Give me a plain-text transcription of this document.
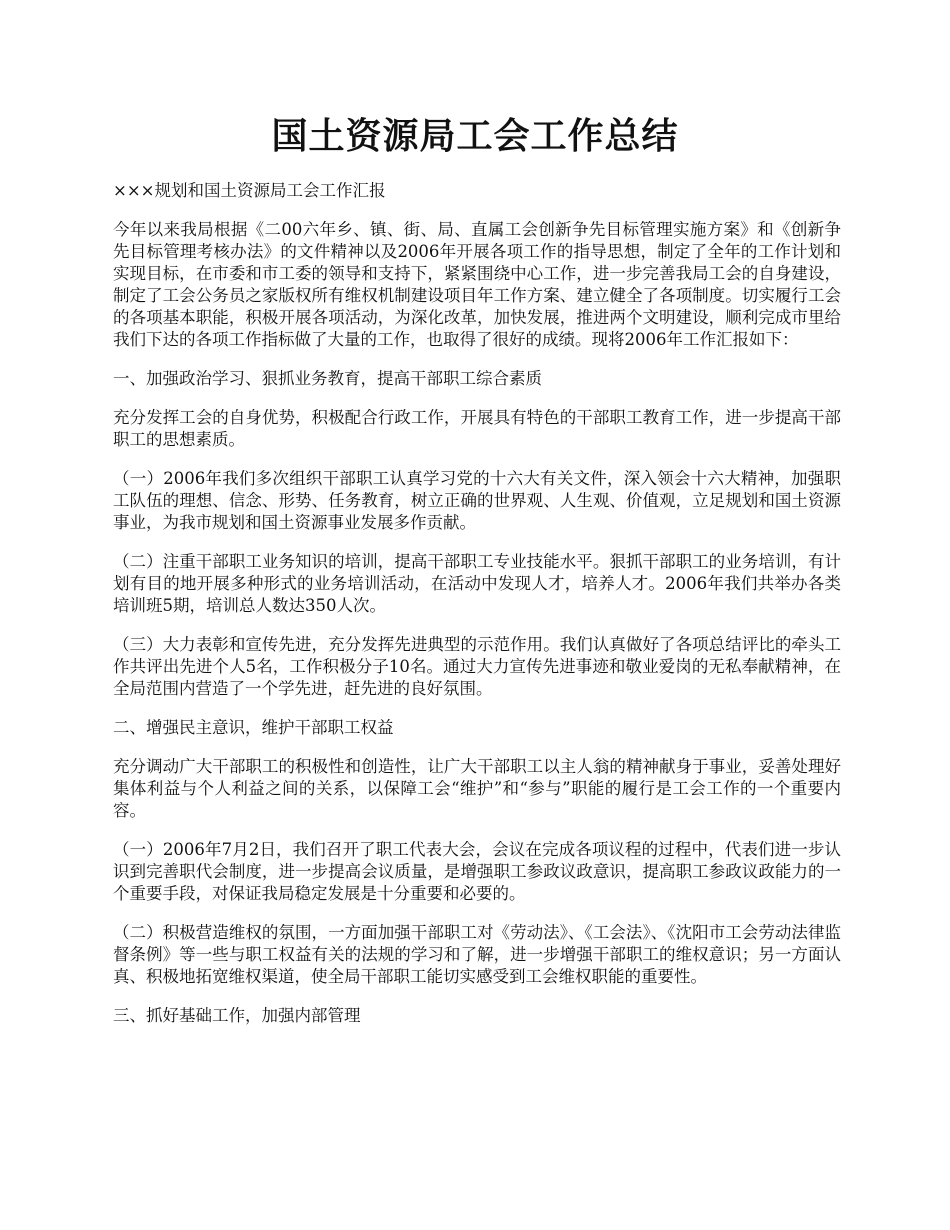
国土资源局工会工作总结

×××规划和国土资源局工会工作汇报

今年以来我局根据《二00六年乡、镇、街、局、直属工会创新争先目标管理实施方案》和《创新争先目标管理考核办法》的文件精神以及2006年开展各项工作的指导思想，制定了全年的工作计划和实现目标，在市委和市工委的领导和支持下，紧紧围绕中心工作，进一步完善我局工会的自身建设，制定了工会公务员之家版权所有维权机制建设项目年工作方案、建立健全了各项制度。切实履行工会的各项基本职能，积极开展各项活动，为深化改革，加快发展，推进两个文明建设，顺利完成市里给我们下达的各项工作指标做了大量的工作，也取得了很好的成绩。现将2006年工作汇报如下：

一、加强政治学习、狠抓业务教育，提高干部职工综合素质

充分发挥工会的自身优势，积极配合行政工作，开展具有特色的干部职工教育工作，进一步提高干部职工的思想素质。

（一）2006年我们多次组织干部职工认真学习党的十六大有关文件，深入领会十六大精神，加强职工队伍的理想、信念、形势、任务教育，树立正确的世界观、人生观、价值观，立足规划和国土资源事业，为我市规划和国土资源事业发展多作贡献。

（二）注重干部职工业务知识的培训，提高干部职工专业技能水平。狠抓干部职工的业务培训，有计划有目的地开展多种形式的业务培训活动，在活动中发现人才，培养人才。2006年我们共举办各类培训班5期，培训总人数达350人次。

（三）大力表彰和宣传先进，充分发挥先进典型的示范作用。我们认真做好了各项总结评比的牵头工作共评出先进个人5名，工作积极分子10名。通过大力宣传先进事迹和敬业爱岗的无私奉献精神，在全局范围内营造了一个学先进，赶先进的良好氛围。

二、增强民主意识，维护干部职工权益

充分调动广大干部职工的积极性和创造性，让广大干部职工以主人翁的精神献身于事业，妥善处理好集体利益与个人利益之间的关系，以保障工会“维护”和“参与”职能的履行是工会工作的一个重要内容。

（一）2006年7月2日，我们召开了职工代表大会，会议在完成各项议程的过程中，代表们进一步认识到完善职代会制度，进一步提高会议质量，是增强职工参政议政意识，提高职工参政议政能力的一个重要手段，对保证我局稳定发展是十分重要和必要的。

（二）积极营造维权的氛围，一方面加强干部职工对《劳动法》、《工会法》、《沈阳市工会劳动法律监督条例》等一些与职工权益有关的法规的学习和了解，进一步增强干部职工的维权意识；另一方面认真、积极地拓宽维权渠道，使全局干部职工能切实感受到工会维权职能的重要性。

三、抓好基础工作，加强内部管理
